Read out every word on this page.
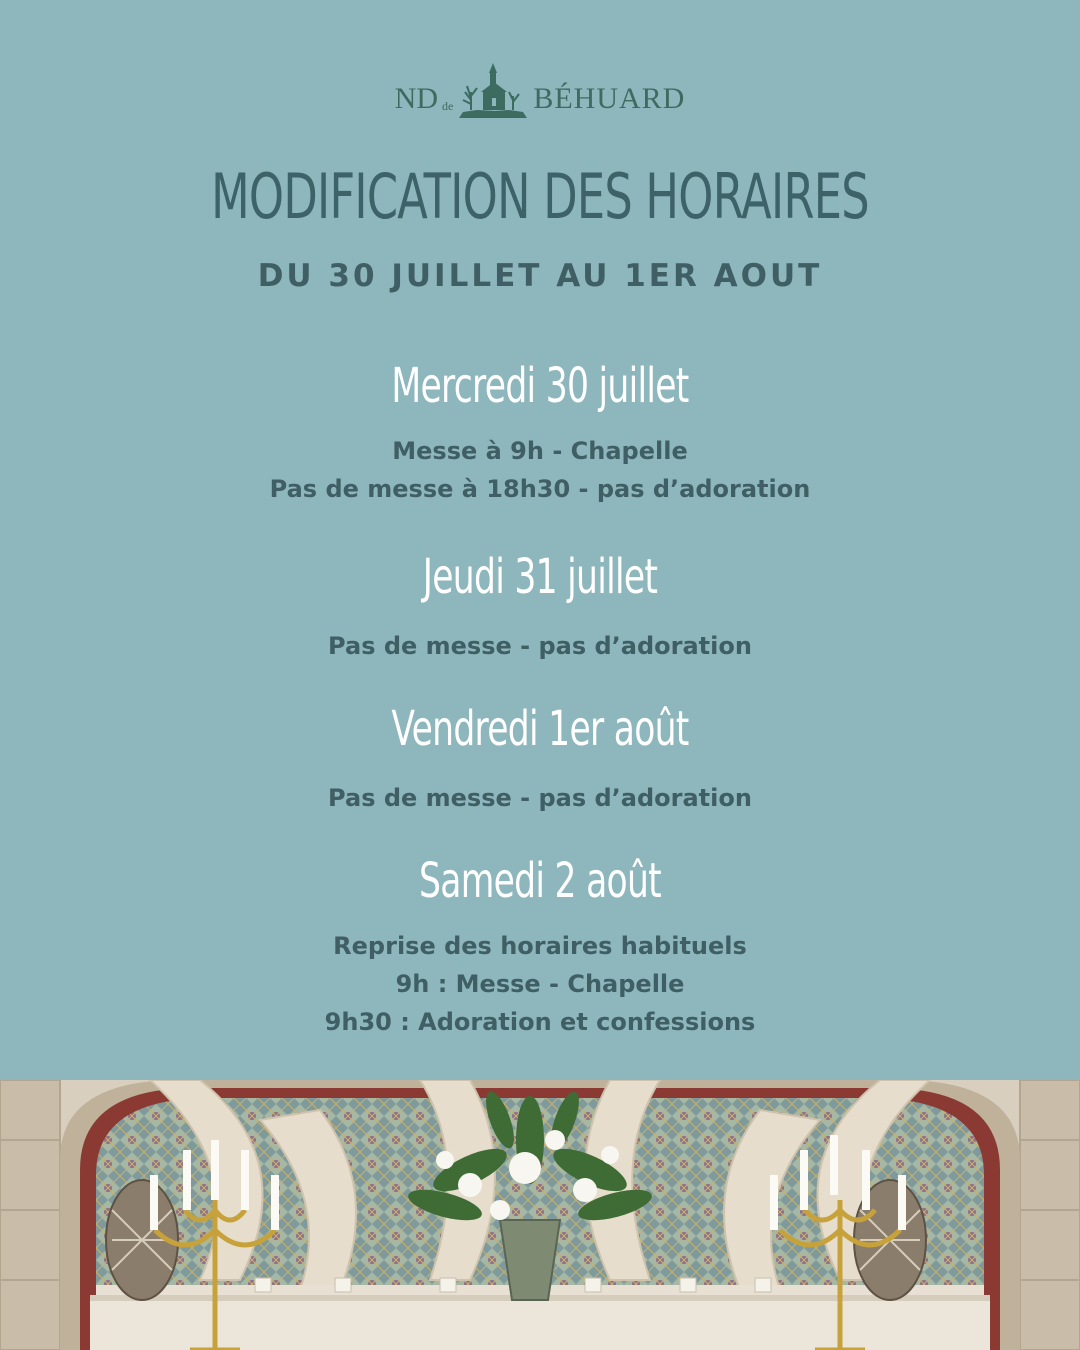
ND de	BÉHUARD
MODIFICATION DES HORAIRES
DU 30 JUILLET AU 1ER AOUT
Mercredi 30 juillet
Messe à 9h - Chapelle
Pas de messe à 18h30 - pas d’adoration
Jeudi 31 juillet
Pas de messe - pas d’adoration
Vendredi 1er août
Pas de messe - pas d’adoration
Samedi 2 août
Reprise des horaires habituels
9h : Messe - Chapelle
9h30 : Adoration et confessions
